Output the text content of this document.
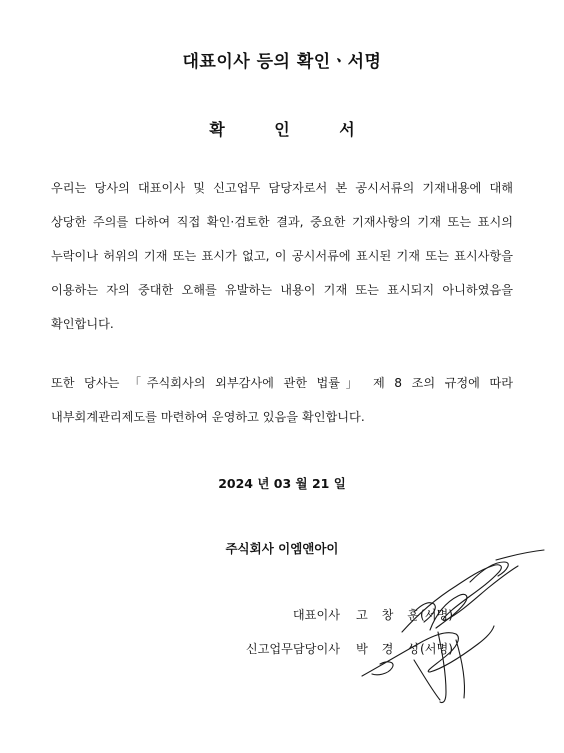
대표이사 등의 확인ㆍ서명
확 인 서

우리는 당사의 대표이사 및 신고업무 담당자로서 본 공시서류의 기재내용에 대해 상당한 주의를 다하여 직접 확인·검토한 결과, 중요한 기재사항의 기재 또는 표시의 누락이나 허위의 기재 또는 표시가 없고, 이 공시서류에 표시된 기재 또는 표시사항을 이용하는 자의 중대한 오해를 유발하는 내용이 기재 또는 표시되지 아니하였음을 확인합니다.

또한 당사는 「주식회사의 외부감사에 관한 법률」 제 8 조의 규정에 따라 내부회계관리제도를 마련하여 운영하고 있음을 확인합니다.

2024 년 03 월 21 일
주식회사 이엠앤아이
대표이사 고 창 훈
(서명)
신고업무담당이사 박 경 성
(서명)
